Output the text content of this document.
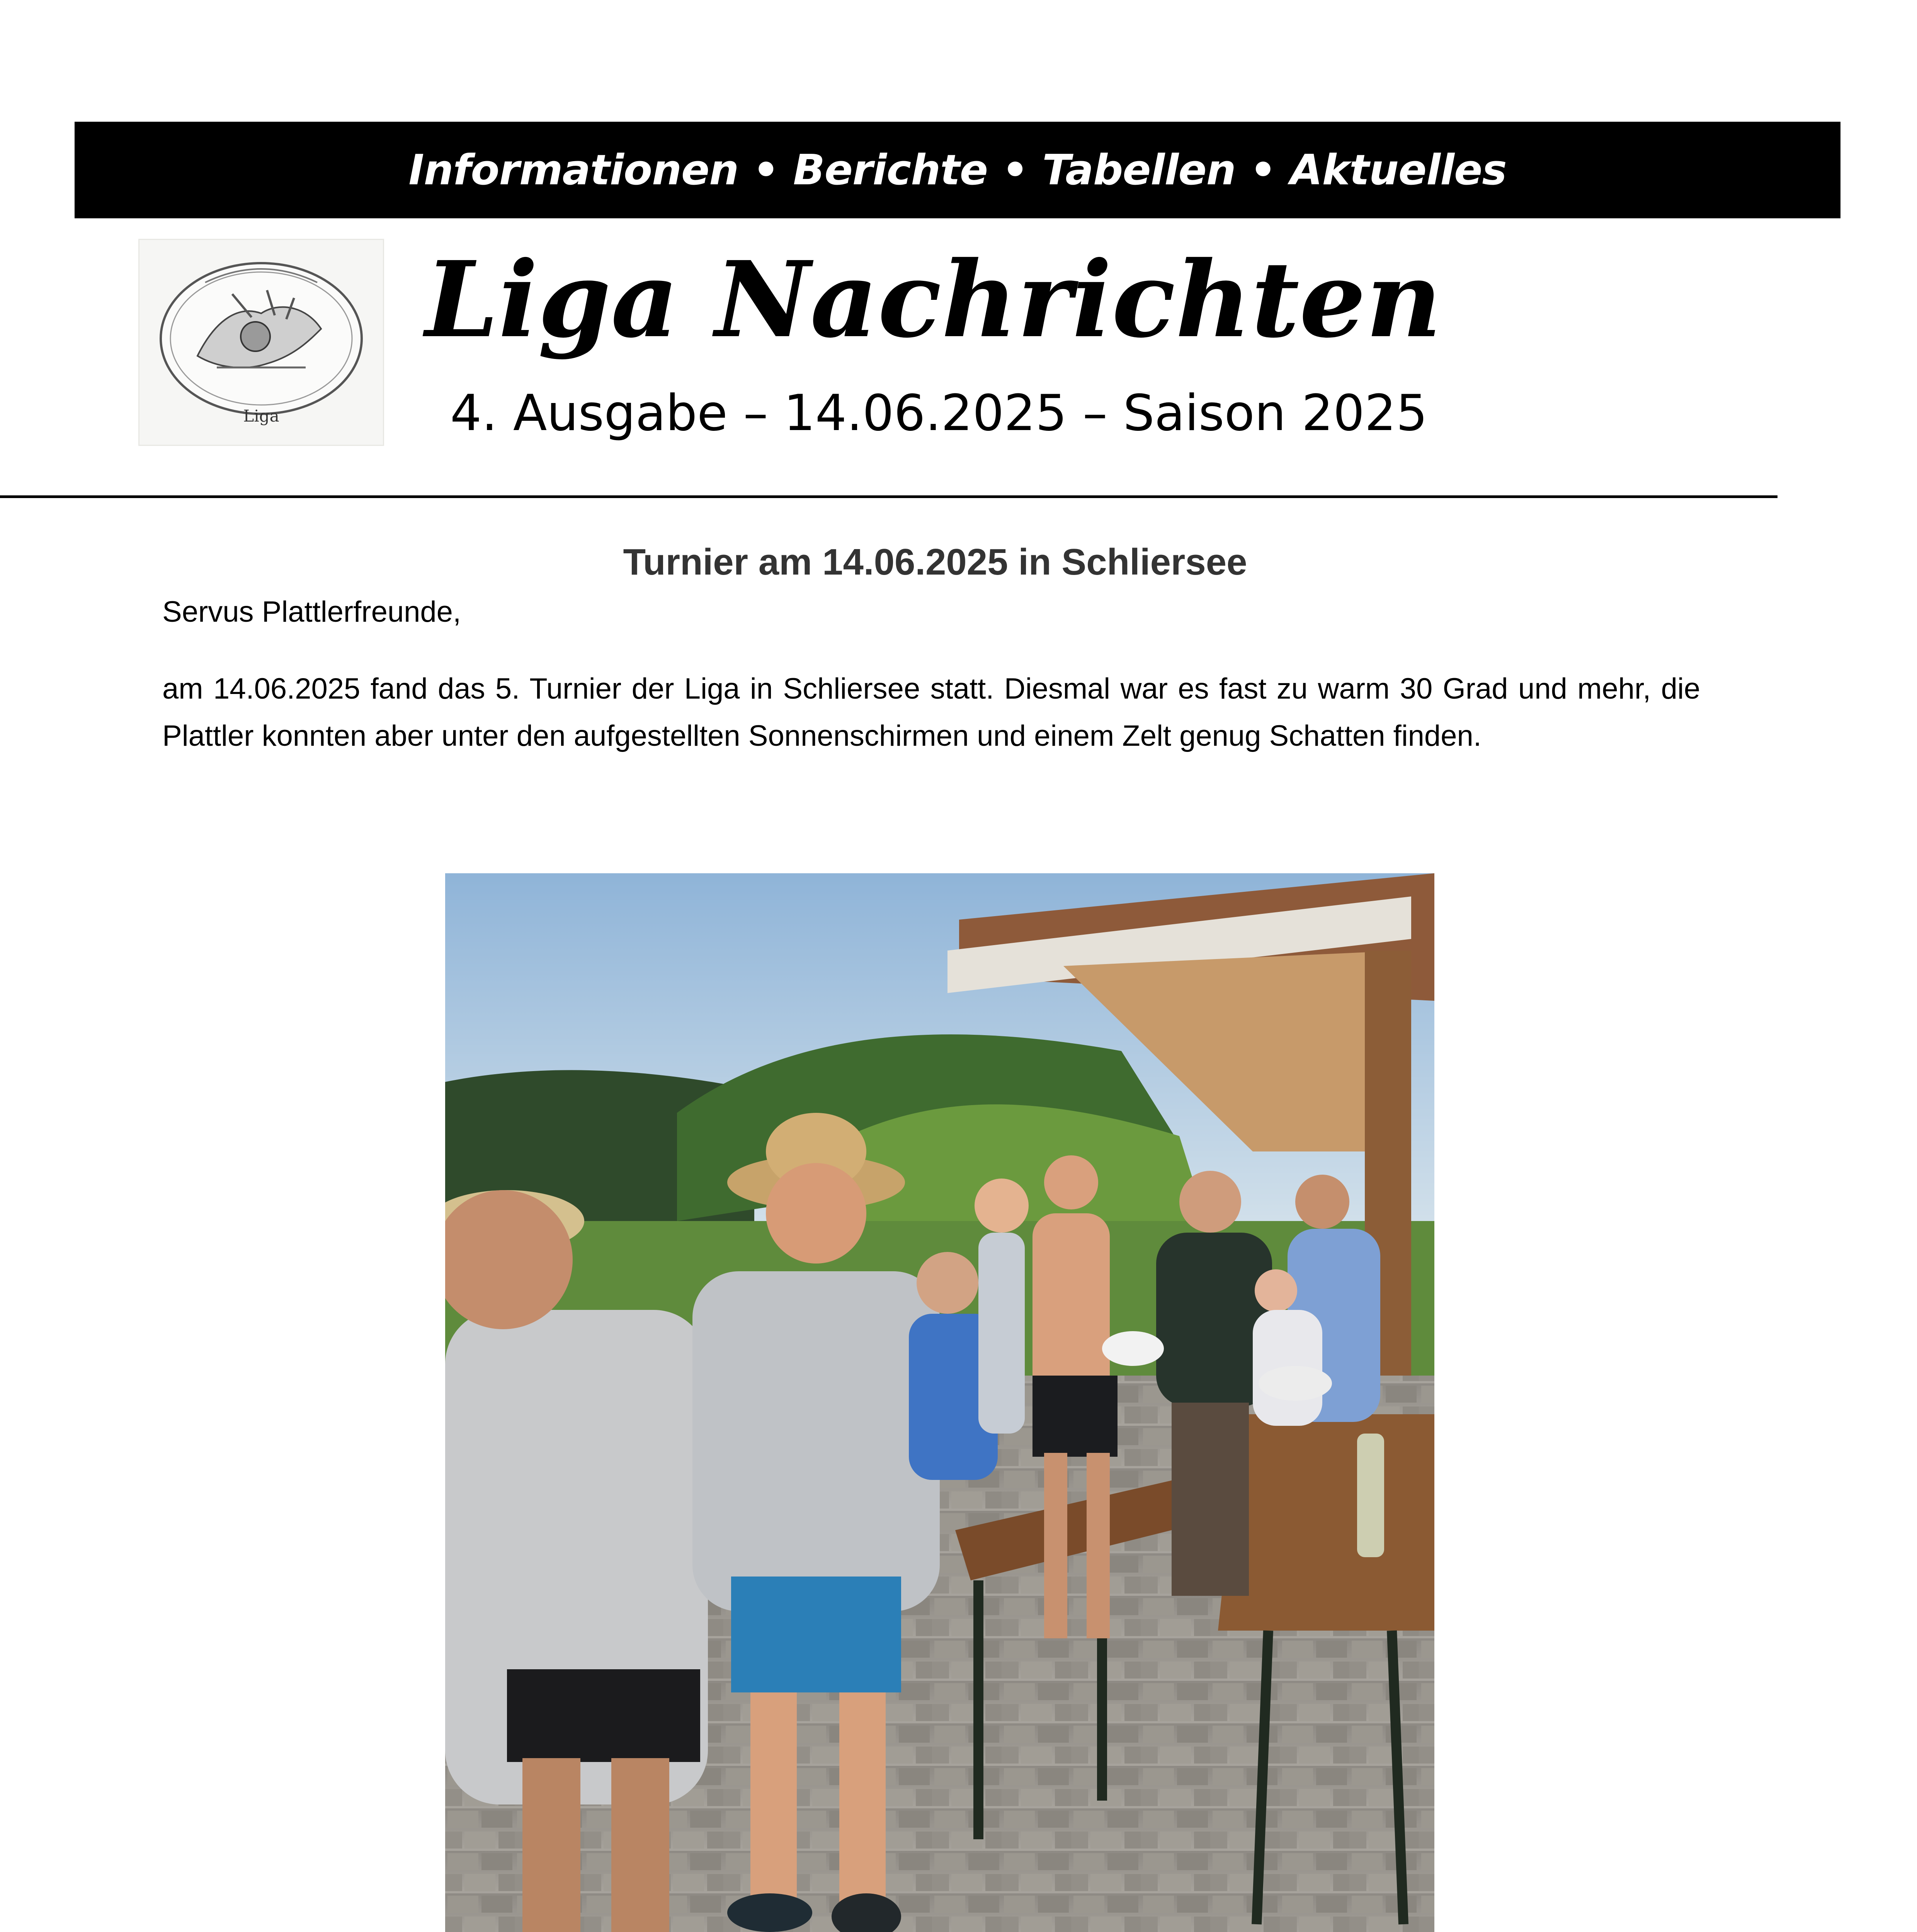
Informationen • Berichte • Tabellen • Aktuelles
Liga
Liga Nachrichten
4. Ausgabe – 14.06.2025 – Saison 2025
Turnier am 14.06.2025 in Schliersee
Servus Plattlerfreunde,

am 14.06.2025 fand das 5. Turnier der Liga in Schliersee statt. Diesmal war es fast zu warm 30 Grad und mehr, die Plattler konnten aber unter den aufgestellten Sonnenschirmen und einem Zelt genug Schatten finden.
